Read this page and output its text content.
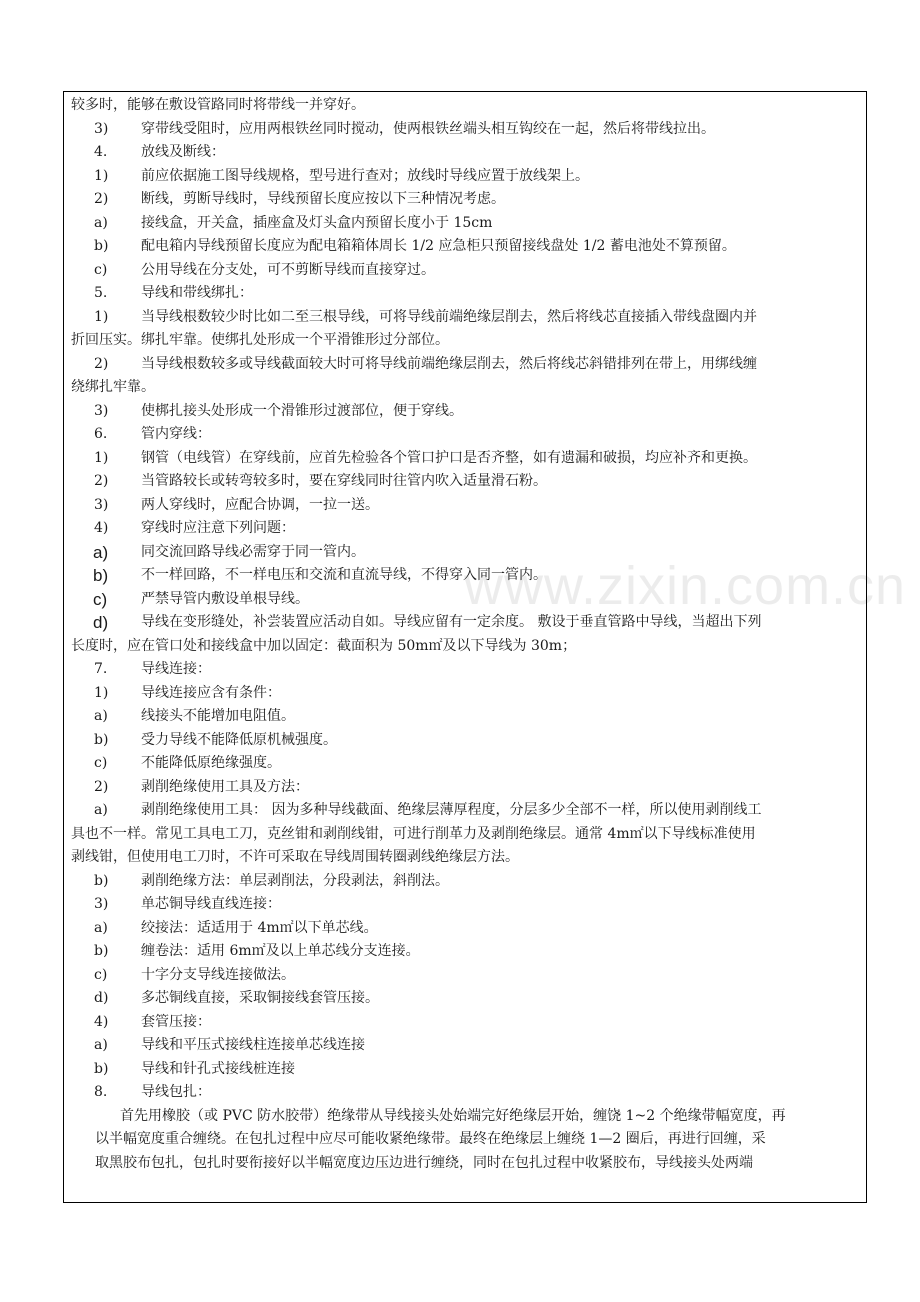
较多时，能够在敷设管路同时将带线一并穿好。
3) 穿带线受阻时，应用两根铁丝同时搅动，使两根铁丝端头相互钩绞在一起，然后将带线拉出。
4. 放线及断线：
1) 前应依据施工图导线规格，型号进行查对；放线时导线应置于放线架上。
2) 断线，剪断导线时，导线预留长度应按以下三种情况考虑。
a) 接线盒，开关盒，插座盒及灯头盒内预留长度小于 15cm
b) 配电箱内导线预留长度应为配电箱箱体周长 1/2 应急柜只预留接线盘处 1/2 蓄电池处不算预留。
c) 公用导线在分支处，可不剪断导线而直接穿过。
5. 导线和带线绑扎：
1) 当导线根数较少时比如二至三根导线，可将导线前端绝缘层削去，然后将线芯直接插入带线盘圈内并
折回压实。绑扎牢靠。使绑扎处形成一个平滑锥形过分部位。
2) 当导线根数较多或导线截面较大时可将导线前端绝缘层削去，然后将线芯斜错排列在带上，用绑线缠
绕绑扎牢靠。
3) 使梆扎接头处形成一个滑锥形过渡部位，便于穿线。
6. 管内穿线：
1) 钢管（电线管）在穿线前，应首先检验各个管口护口是否齐整，如有遗漏和破损，均应补齐和更换。
2) 当管路较长或转弯较多时，要在穿线同时往管内吹入适量滑石粉。
3) 两人穿线时，应配合协调，一拉一送。
4) 穿线时应注意下列问题：
a) 同交流回路导线必需穿于同一管内。
b) 不一样回路，不一样电压和交流和直流导线，不得穿入同一管内。
c) 严禁导管内敷设单根导线。
d) 导线在变形缝处，补尝装置应活动自如。导线应留有一定余度。 敷设于垂直管路中导线，当超出下列
长度时，应在管口处和接线盒中加以固定：截面积为 50m㎡及以下导线为 30m；
7. 导线连接：
1) 导线连接应含有条件：
a) 线接头不能增加电阻值。
b) 受力导线不能降低原机械强度。
c) 不能降低原绝缘强度。
2) 剥削绝缘使用工具及方法：
a) 剥削绝缘使用工具： 因为多种导线截面、绝缘层薄厚程度，分层多少全部不一样，所以使用剥削线工
具也不一样。常见工具电工刀，克丝钳和剥削线钳，可进行削革力及剥削绝缘层。通常 4m㎡以下导线标准使用
剥线钳，但使用电工刀时，不许可采取在导线周围转圈剥线绝缘层方法。
b) 剥削绝缘方法：单层剥削法，分段剥法，斜削法。
3) 单芯铜导线直线连接：
a) 绞接法：适适用于 4m㎡以下单芯线。
b) 缠卷法：适用 6m㎡及以上单芯线分支连接。
c) 十字分支导线连接做法。
d) 多芯铜线直接，采取铜接线套管压接。
4) 套管压接：
a) 导线和平压式接线柱连接单芯线连接
b) 导线和针孔式接线桩连接
8. 导线包扎：
首先用橡胶（或 PVC 防水胶带）绝缘带从导线接头处始端完好绝缘层开始，缠饶 1~2 个绝缘带幅宽度，再
以半幅宽度重合缠绕。在包扎过程中应尽可能收紧绝缘带。最终在绝缘层上缠绕 1—2 圈后，再进行回缠，采
取黑胶布包扎，包扎时要衔接好以半幅宽度边压边进行缠绕，同时在包扎过程中收紧胶布，导线接头处两端
www.zixin.com.cn
